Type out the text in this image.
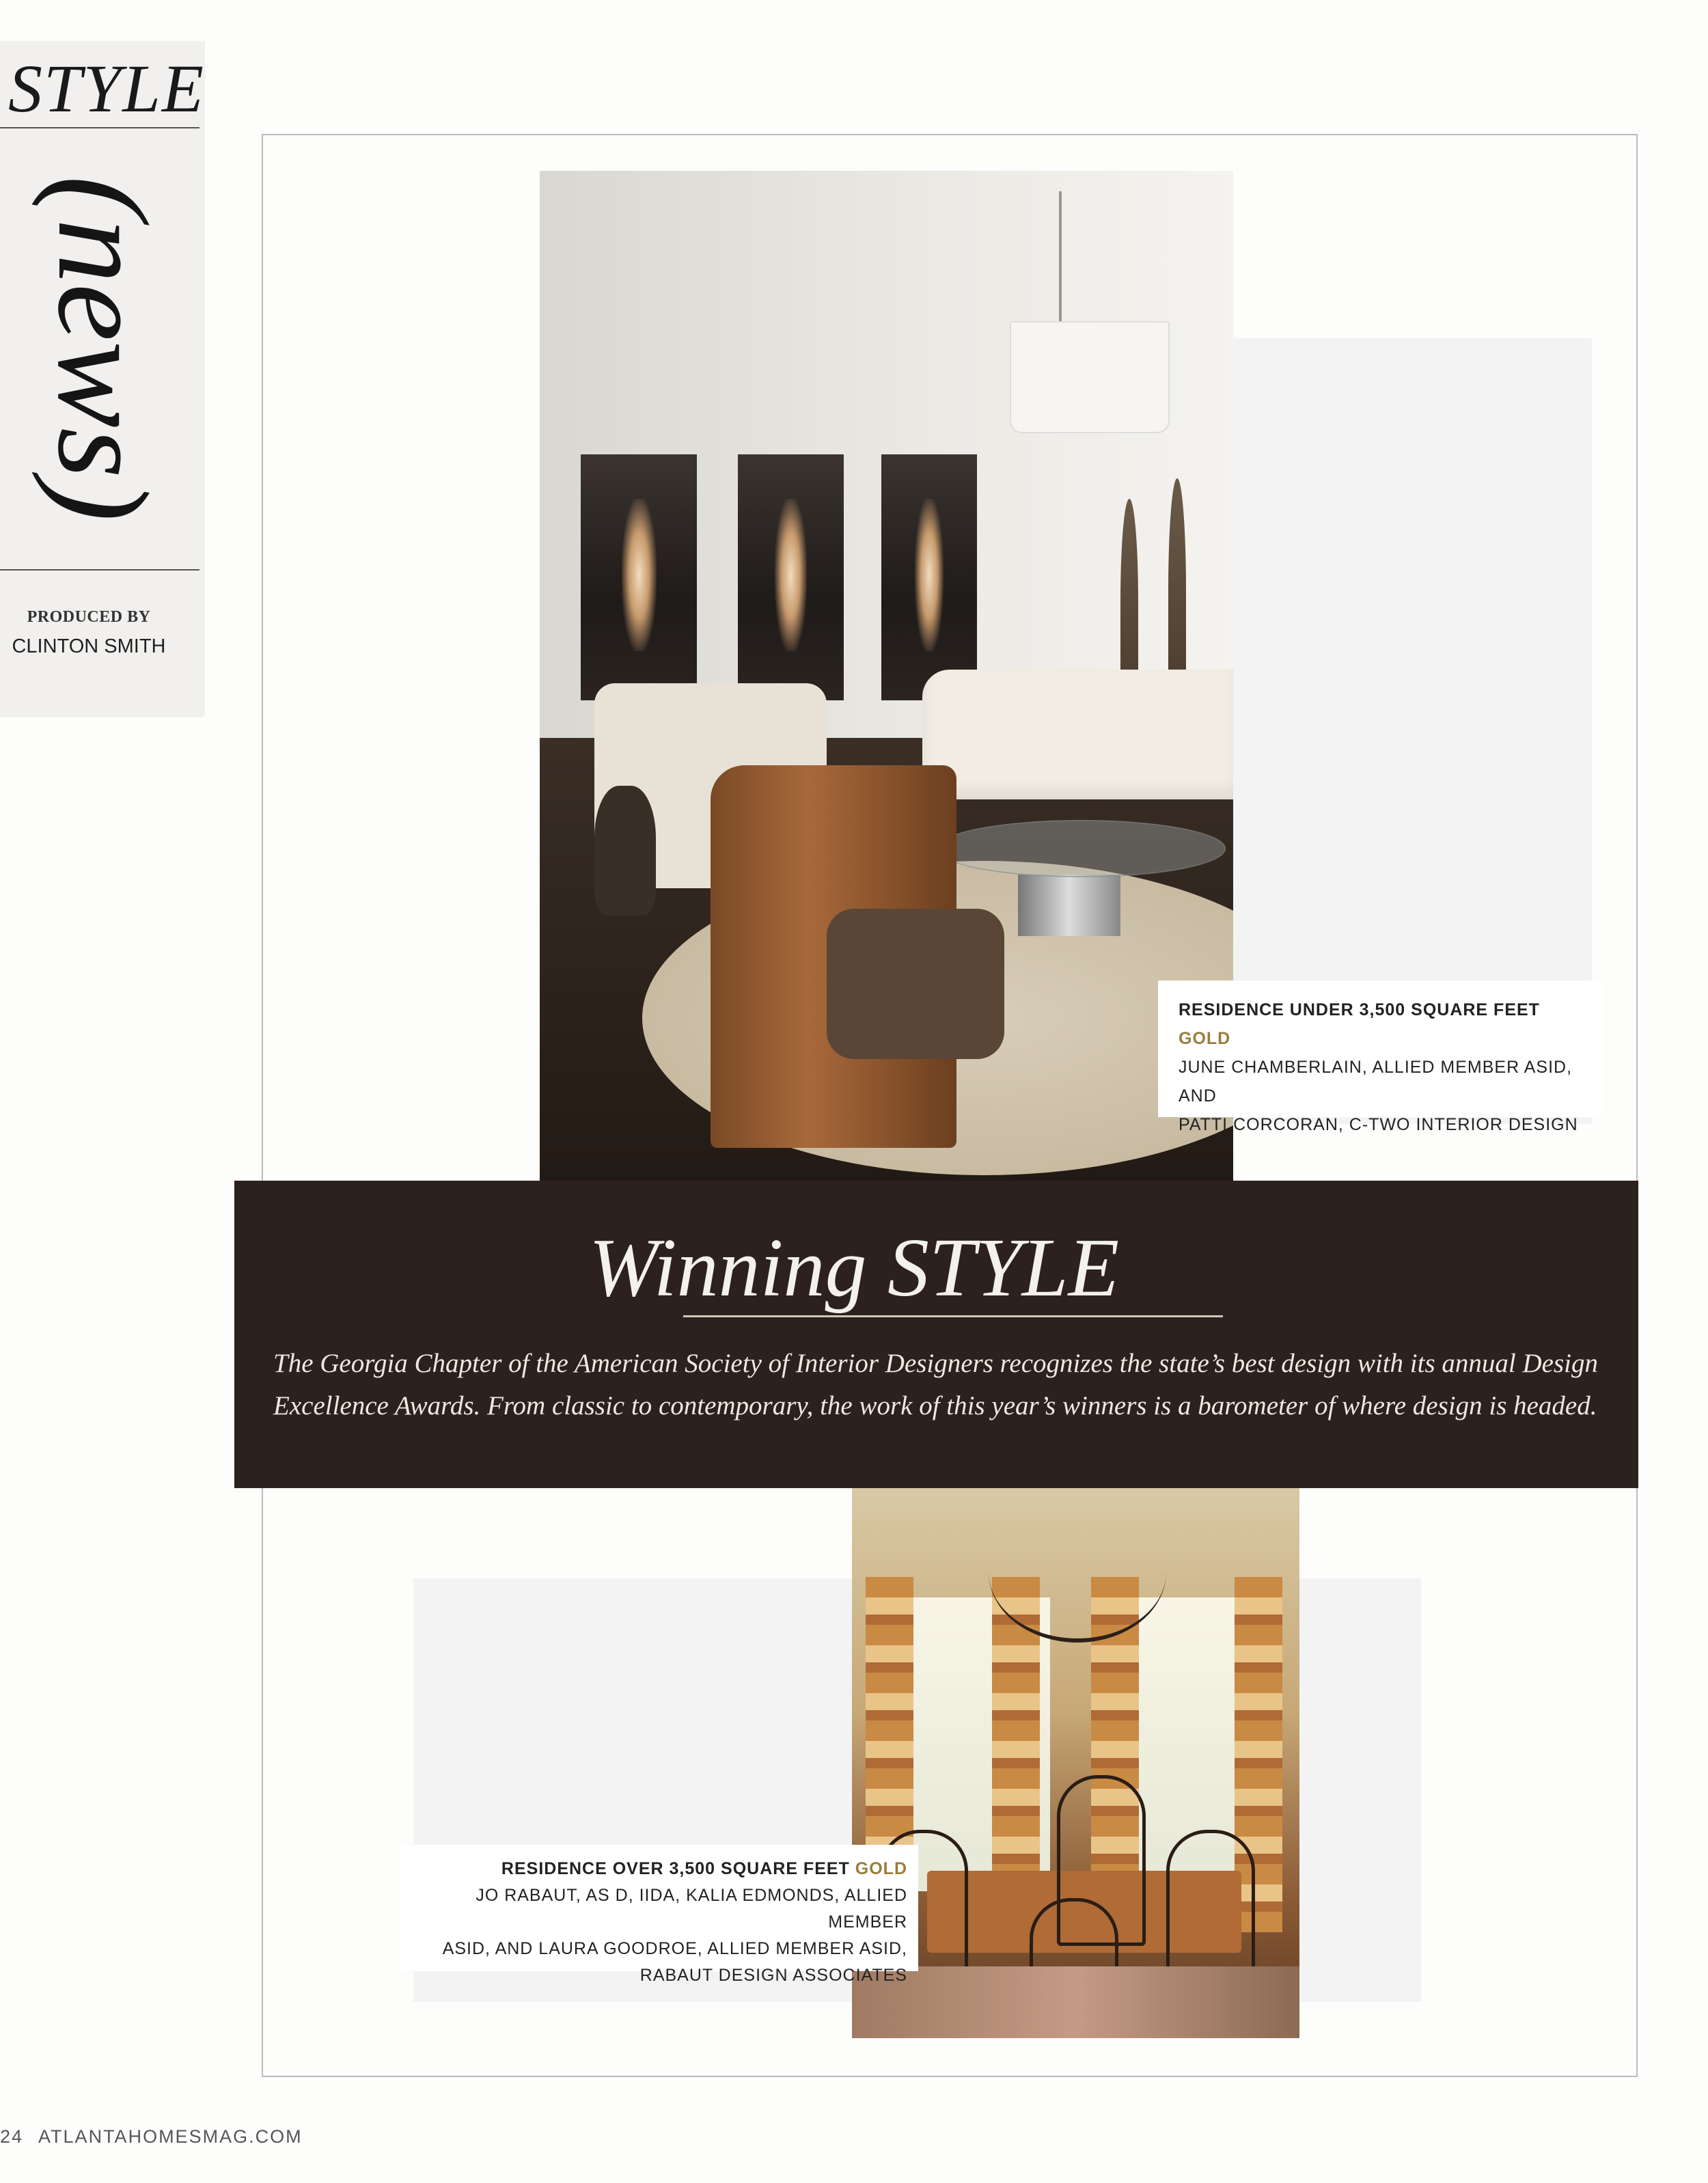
STYLE
(news)
PRODUCED BY
CLINTON SMITH
RESIDENCE UNDER 3,500 SQUARE FEET GOLD
JUNE CHAMBERLAIN, ALLIED MEMBER ASID, AND
PATTI CORCORAN, C-TWO INTERIOR DESIGN
Winning STYLE
The Georgia Chapter of the American Society of Interior Designers recognizes the state’s best design with its annual Design Excellence Awards. From classic to contemporary, the work of this year’s winners is a barometer of where design is headed.
RESIDENCE OVER 3,500 SQUARE FEET GOLD
JO RABAUT, AS D, IIDA, KALIA EDMONDS, ALLIED MEMBER
ASID, AND LAURA GOODROE, ALLIED MEMBER ASID,
RABAUT DESIGN ASSOCIATES
24 ATLANTAHOMESMAG.COM
